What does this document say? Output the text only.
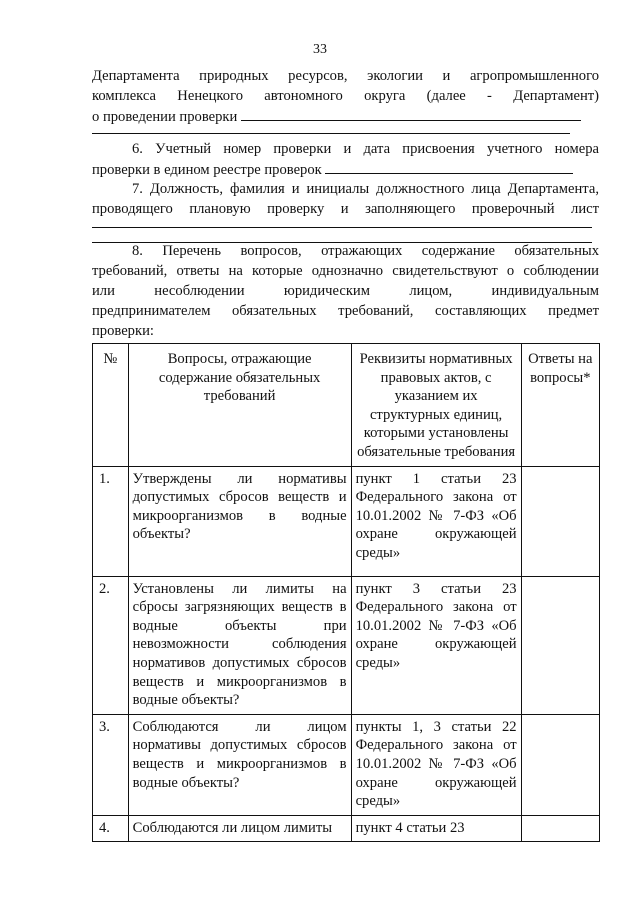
33
Департамента природных ресурсов, экологии и агропромышленного
комплекса Ненецкого автономного округа (далее - Департамент)
о проведении проверки
6. Учетный номер проверки и дата присвоения учетного номера
проверки в едином реестре проверок
7. Должность, фамилия и инициалы должностного лица Департамента,
проводящего плановую проверку и заполняющего проверочный лист
8. Перечень вопросов, отражающих содержание обязательных
требований, ответы на которые однозначно свидетельствуют о соблюдении
или несоблюдении юридическим лицом, индивидуальным
предпринимателем обязательных требований, составляющих предмет
проверки:
№	Вопросы, отражающие содержание обязательных требований	Реквизиты нормативных правовых актов, с указанием их структурных единиц, которыми установлены обязательные требования	Ответы на вопросы*
1.	Утверждены ли нормативы допустимых сбросов веществ и микроорганизмов в водные объекты?	пункт 1 статьи 23 Федерального закона от 10.01.2002 № 7-ФЗ «Об охране окружающей среды»	
2.	Установлены ли лимиты на сбросы загрязняющих веществ в водные объекты при невозможности соблюдения нормативов допустимых сбросов веществ и микроорганизмов в водные объекты?	пункт 3 статьи 23 Федерального закона от 10.01.2002 № 7-ФЗ «Об охране окружающей среды»	
3.	Соблюдаются ли лицом нормативы допустимых сбросов веществ и микроорганизмов в водные объекты?	пункты 1, 3 статьи 22 Федерального закона от 10.01.2002 № 7-ФЗ «Об охране окружающей среды»	
4.	Соблюдаются ли лицом лимиты	пункт 4 статьи 23	
